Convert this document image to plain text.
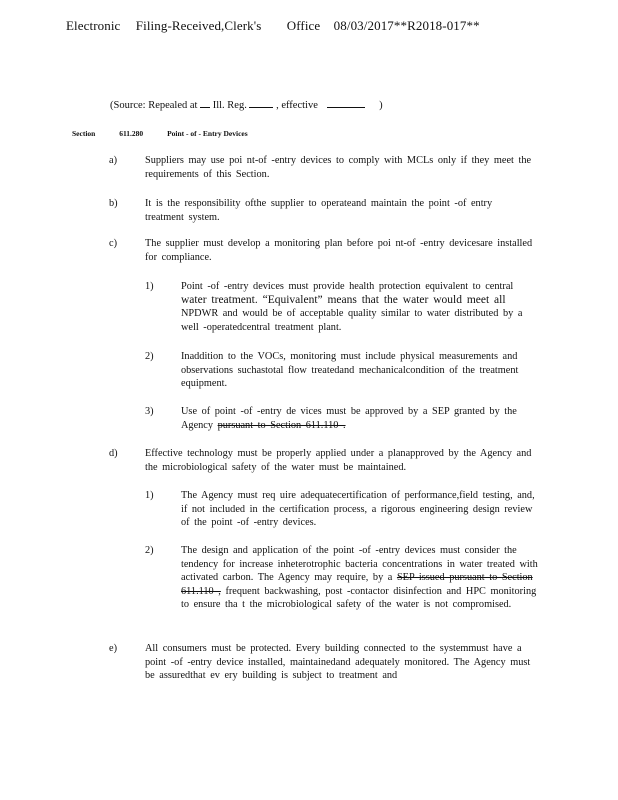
Electronic Filing-Received,Clerk's Office 08/03/2017**R2018-017**
(Source: Repealed at Ill. Reg.	, effective	)
Section	611.280	Point - of - Entry Devices
a)	Suppliers may use poi nt-of -entry devices to comply with MCLs only if they meet the requirements of this Section.

b)	It is the responsibility ofthe supplier to operateand maintain the point -of entry treatment system.

c)	The supplier must develop a monitoring plan before poi nt-of -entry devicesare installed for compliance.

1)	Point -of -entry devices must provide health protection equivalent to central

water treatment. “Equivalent” means that the water would meet all

NPDWR and would be of acceptable quality similar to water distributed by a well -operatedcentral treatment plant.

2)	Inaddition to the VOCs, monitoring must include physical measurements and observations suchastotal flow treatedand mechanicalcondition of the treatment equipment.

3)	Use of point -of -entry de vices must be approved by a SEP granted by the Agency pursuant to Section 611.110 .

d)	Effective technology must be properly applied under a planapproved by the Agency and the microbiological safety of the water must be maintained.

1)	The Agency must req uire adequatecertification of performance,field testing, and, if not included in the certification process, a rigorous engineering design review of the point -of -entry devices.

2)	The design and application of the point -of -entry devices must consider the tendency for increase inheterotrophic bacteria concentrations in water treated with activated carbon. The Agency may require, by a SEP issued pursuant to Section 611.110 , frequent backwashing, post -contactor disinfection and HPC monitoring to ensure tha t the microbiological safety of the water is not compromised.

e)	All consumers must be protected. Every building connected to the systemmust have a point -of -entry device installed, maintainedand adequately monitored. The Agency must be assuredthat ev ery building is subject to treatment and
